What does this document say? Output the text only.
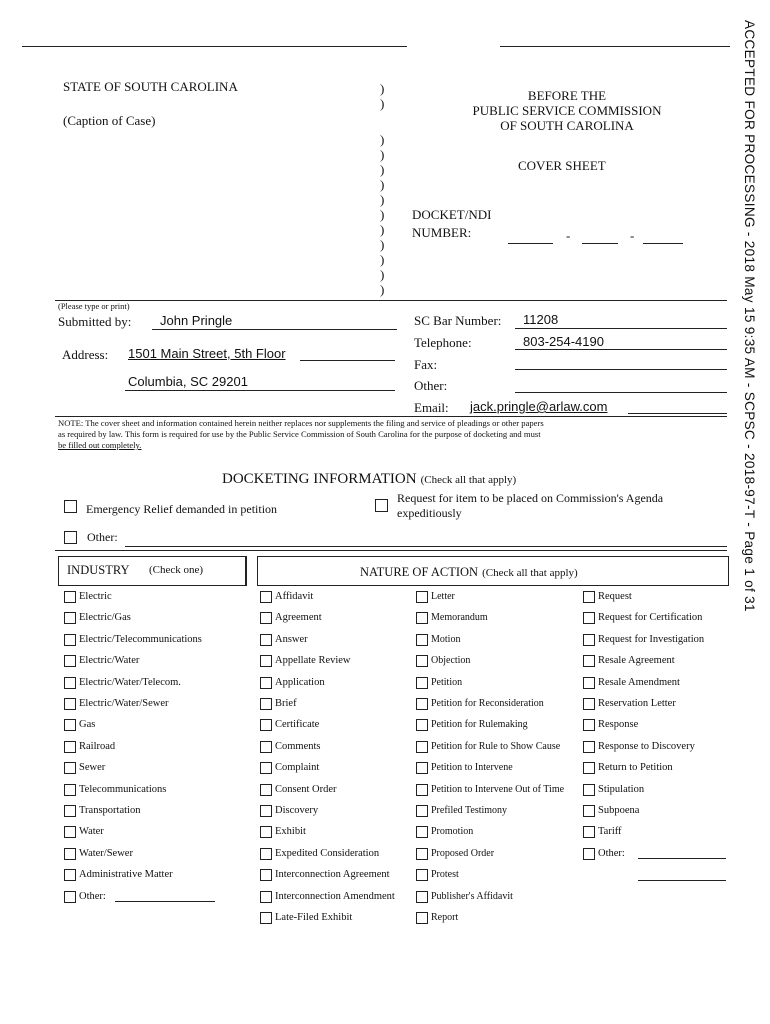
ACCEPTED FOR PROCESSING - 2018 May 15 9:35 AM - SCPSC - 2018-97-T - Page 1 of 31
STATE OF SOUTH CAROLINA
(Caption of Case)
)
)
)
)
)
)
)
)
)
)
)
)
)
BEFORE THE
PUBLIC SERVICE COMMISSION
OF SOUTH CAROLINA
COVER SHEET
DOCKET/NDI
NUMBER:	-	-
(Please type or print)
Submitted by: John Pringle
Address: 1501 Main Street, 5th Floor
Columbia, SC 29201
SC Bar Number: 11208
Telephone:	803-254-4190
Fax:
Other:
Email: jack.pringle@arlaw.com
NOTE: The cover sheet and information contained herein neither replaces nor supplements the filing and service of pleadings or other papers
as required by law. This form is required for use by the Public Service Commission of South Carolina for the purpose of docketing and must
be filled out completely.
DOCKETING INFORMATION (Check all that apply)
Emergency Relief demanded in petition
Request for item to be placed on Commission's Agenda
expeditiously
Other:
INDUSTRY (Check one)	NATURE OF ACTION (Check all that apply)
Electric
Electric/Gas
Electric/Telecommunications
Electric/Water
Electric/Water/Telecom.
Electric/Water/Sewer
Gas
Railroad
Sewer
Telecommunications
Transportation
Water
Water/Sewer
Administrative Matter
Other:
Affidavit
Agreement
Answer
Appellate Review
Application
Brief
Certificate
Comments
Complaint
Consent Order
Discovery
Exhibit
Expedited Consideration
Interconnection Agreement
Interconnection Amendment
Late-Filed Exhibit
Letter
Memorandum
Motion
Objection
Petition
Petition for Reconsideration
Petition for Rulemaking
Petition for Rule to Show Cause
Petition to Intervene
Petition to Intervene Out of Time
Prefiled Testimony
Promotion
Proposed Order
Protest
Publisher's Affidavit
Report
Request
Request for Certification
Request for Investigation
Resale Agreement
Resale Amendment
Reservation Letter
Response
Response to Discovery
Return to Petition
Stipulation
Subpoena
Tariff
Other:
